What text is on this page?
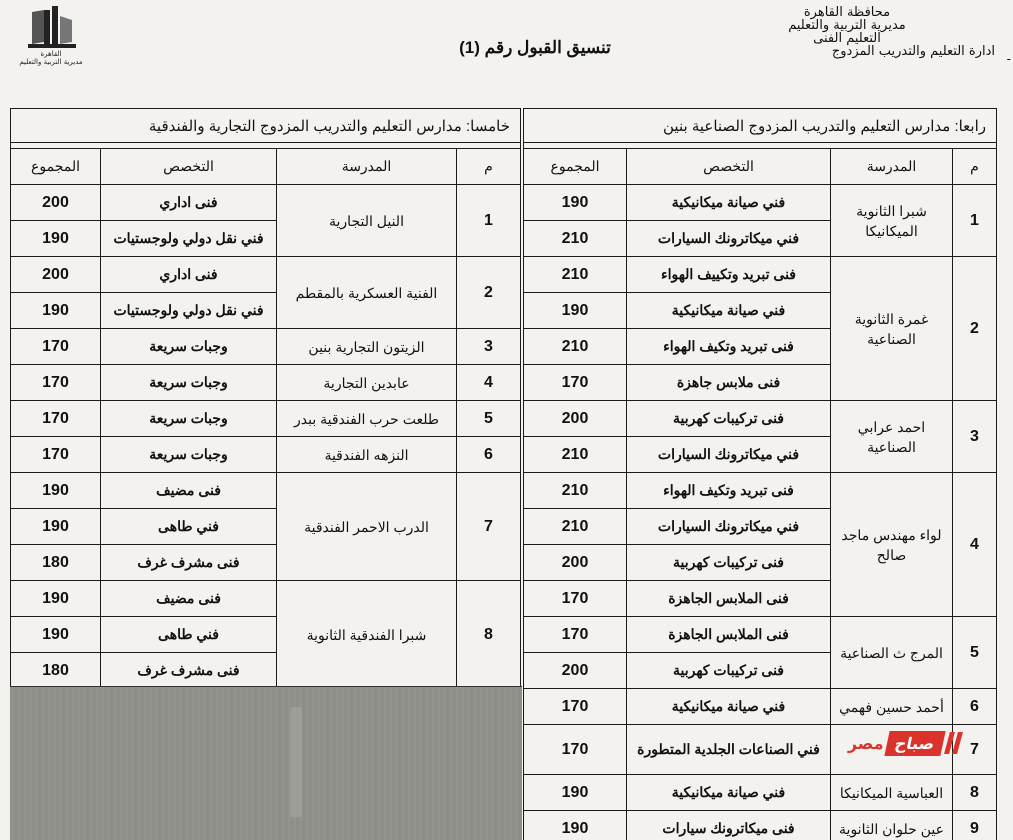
محافظة القاهرة
مديرية التربية والتعليم
التعليم الفنى
ادارة التعليم والتدريب المزدوج -
تنسيق القبول رقم (1)
القاهرة
مديرية التربية والتعليم
رابعا: مدارس التعليم والتدريب المزدوج الصناعية بنين			

م	المدرسة	التخصص	المجموع
1	شبرا الثانوية الميكانيكا	فني صيانة ميكانيكية	190
		فني ميكاترونك السيارات	210
2	غمرة الثانوية الصناعية	فنى تبريد وتكييف الهواء	210
		فني صيانة ميكانيكية	190
		فنى تبريد وتكيف الهواء	210
		فنى ملابس جاهزة	170
3	احمد عرابي الصناعية	فنى تركيبات كهربية	200
		فني ميكاترونك السيارات	210
4	لواء مهندس ماجد صالح	فنى تبريد وتكيف الهواء	210
		فني ميكاترونك السيارات	210
		فنى تركيبات كهربية	200
		فنى الملابس الجاهزة	170
5	المرج ث الصناعية	فنى الملابس الجاهزة	170
		فنى تركيبات كهربية	200
6	أحمد حسين فهمي	فني صيانة ميكانيكية	170
7		فني الصناعات الجلدية المتطورة	170
8	العباسية الميكانيكا	فني صيانة ميكانيكية	190
9	عين حلوان الثانوية	فنى ميكاترونك سيارات	190
خامسا: مدارس التعليم والتدريب المزدوج التجارية والفندقية			

م	المدرسة	التخصص	المجموع
1	النيل التجارية	فنى اداري	200
		فني نقل دولي ولوجستيات	190
2	الفنية العسكرية بالمقطم	فنى اداري	200
		فني نقل دولي ولوجستيات	190
3	الزيتون التجارية بنين	وجبات سريعة	170
4	عابدين التجارية	وجبات سريعة	170
5	طلعت حرب الفندقية ببدر	وجبات سريعة	170
6	النزهه الفندقية	وجبات سريعة	170
7	الدرب الاحمر الفندقية	فنى مضيف	190
		فني طاهى	190
		فنى مشرف غرف	180
8	شبرا الفندقية الثانوية	فنى مضيف	190
		فني طاهى	190
		فنى مشرف غرف	180
صباح
مصر
